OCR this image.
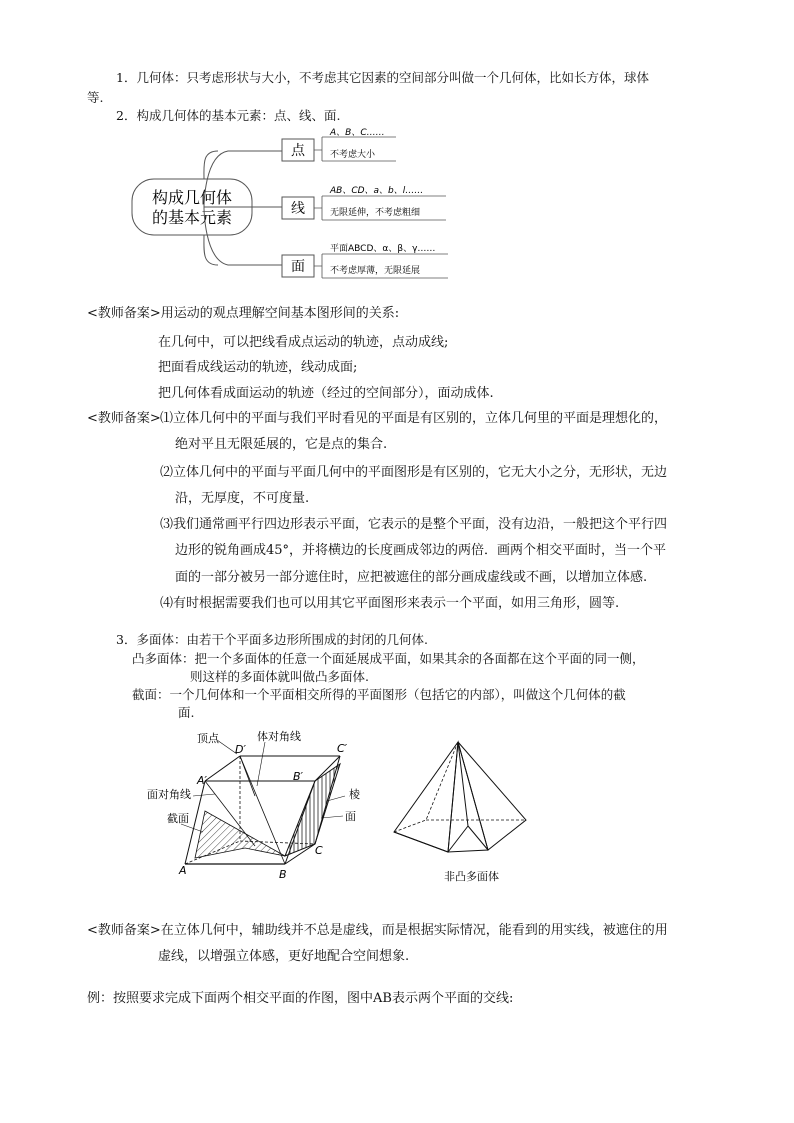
1．几何体：只考虑形状与大小，不考虑其它因素的空间部分叫做一个几何体，比如长方体，球体
等.
2．构成几何体的基本元素：点、线、面.
构成几何体
的基本元素
点
A、B、C……
不考虑大小
线
AB、CD、a、b、l……
无限延伸，不考虑粗细
面
平面ABCD、α、β、γ……
不考虑厚薄，无限延展
<教师备案>用运动的观点理解空间基本图形间的关系:
在几何中，可以把线看成点运动的轨迹，点动成线;
把面看成线运动的轨迹，线动成面;
把几何体看成面运动的轨迹（经过的空间部分），面动成体.
<教师备案> ⑴立体几何中的平面与我们平时看见的平面是有区别的，立体几何里的平面是理想化的，
绝对平且无限延展的，它是点的集合.
⑵立体几何中的平面与平面几何中的平面图形是有区别的，它无大小之分，无形状，无边
沿，无厚度，不可度量.
⑶我们通常画平行四边形表示平面，它表示的是整个平面，没有边沿，一般把这个平行四
边形的锐角画成45°，并将横边的长度画成邻边的两倍．画两个相交平面时，当一个平
面的一部分被另一部分遮住时，应把被遮住的部分画成虚线或不画，以增加立体感.
⑷有时根据需要我们也可以用其它平面图形来表示一个平面，如用三角形，圆等.
3．多面体：由若干个平面多边形所围成的封闭的几何体.
凸多面体：把一个多面体的任意一个面延展成平面，如果其余的各面都在这个平面的同一侧，
则这样的多面体就叫做凸多面体.
截面：一个几何体和一个平面相交所得的平面图形（包括它的内部），叫做这个几何体的截
面.
顶点	体对角线
面对角线
截面
棱
面
D′
A′	B′
C′
A	B
C
非凸多面体
<教师备案>在立体几何中，辅助线并不总是虚线，而是根据实际情况，能看到的用实线，被遮住的用
虚线，以增强立体感，更好地配合空间想象.
例：按照要求完成下面两个相交平面的作图，图中AB表示两个平面的交线:
